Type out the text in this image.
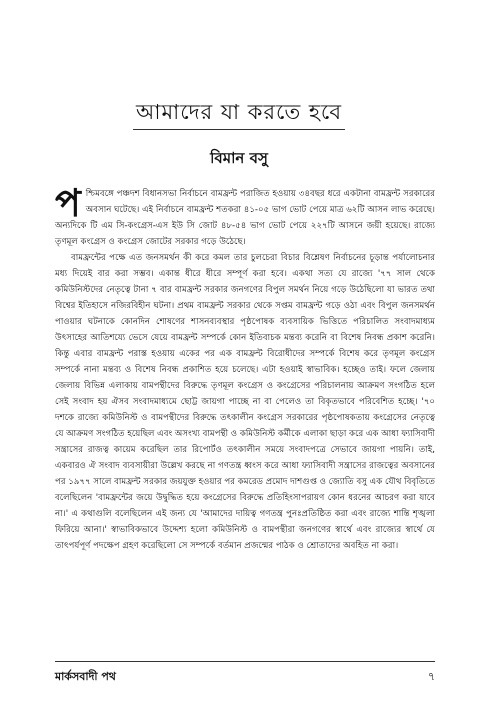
আমাদের যা করতে হবে
বিমান বসু

পশ্চিমবঙ্গে পঞ্চদশ বিধানসভা নির্বাচনে বামফ্রন্ট পরাজিত হওয়ায় ৩৪বছর ধরে একটানা বামফ্রন্ট সরকারের অবসান ঘটেছে। এই নির্বাচনে বামফ্রন্ট শতকরা ৪১-০৫ ভাগ ভোট পেয়ে মাত্র ৬২টি আসন লাভ করেছে। অন্যদিকে টি এম সি-কংগ্রেস-এস ইউ সি জোট ৪৮-৫৪ ভাগ ভোট পেয়ে ২২৭টি আসনে জয়ী হয়েছে। রাজ্যে তৃণমূল কংগ্রেস ও কংগ্রেস জোটের সরকার গড়ে উঠেছে।

বামফ্রন্টের পক্ষে এত জনসমর্থন কী করে কমল তার চুলচেরা বিচার বিশ্লেষণ নির্বাচনের চূড়ান্ত পর্যালোচনার মধ্য দিয়েই বার করা সম্ভব। একান্ত ধীরে ধীরে সম্পূর্ণ করা হবে। একথা সত্য যে রাজ্যে '৭৭ সাল থেকে কমিউনিস্টদের নেতৃত্বে টানা ৭ বার বামফ্রন্ট সরকার জনগণের বিপুল সমর্থন নিয়ে গড়ে উঠেছিলো যা ভারত তথা বিশ্বের ইতিহাসে নজিরবিহীন ঘটনা। প্রথম বামফ্রন্ট সরকার থেকে সপ্তম বামফ্রন্ট গড়ে ওঠা এবং বিপুল জনসমর্থন পাওয়ার ঘটনাকে কোনদিন শোষণের শাসনব্যবস্থার পৃষ্ঠপোষক ব্যবসায়িক ভিত্তিতে পরিচালিত সংবাদমাধ্যম উৎসাহের আতিশয্যে ভেসে যেয়ে বামফ্রন্ট সম্পর্কে কোন ইতিবাচক মন্তব্য করেনি বা বিশেষ নিবন্ধ প্রকাশ করেনি। কিন্তু এবার বামফ্রন্ট পরাস্ত হওয়ায় একের পর এক বামফ্রন্ট বিরোধীদের সম্পর্কে বিশেষ করে তৃণমূল কংগ্রেস সম্পর্কে নানা মন্তব্য ও বিশেষ নিবন্ধ প্রকাশিত হয়ে চলেছে। এটা হওয়াই স্বাভাবিক। হচ্ছেও তাই। ফলে জেলায় জেলায় বিভিন্ন এলাকায় বামপন্থীদের বিরুদ্ধে তৃণমূল কংগ্রেস ও কংগ্রেসের পরিচালনায় আক্রমণ সংগঠিত হলে সেই সংবাদ হয় ঐসব সংবাদমাধ্যমে ছোট্ট জায়গা পাচ্ছে না বা পেলেও তা বিকৃতভাবে পরিবেশিত হচ্ছে। '৭০ দশকে রাজ্যে কমিউনিস্ট ও বামপন্থীদের বিরুদ্ধে তৎকালীন কংগ্রেস সরকারের পৃষ্ঠপোষকতায় কংগ্রেসের নেতৃত্বে যে আক্রমণ সংগঠিত হয়েছিল এবং অসংখ্য বামপন্থী ও কমিউনিস্ট কর্মীকে এলাকা ছাড়া করে এক আধা ফ্যাসিবাদী সন্ত্রাসের রাজত্ব কায়েম করেছিল তার রিপোর্টও তৎকালীন সময়ে সংবাদপত্রে সেভাবে জায়গা পায়নি। তাই, একবারও ঐ সংবাদ ব্যবসায়ীরা উল্লেখ করছে না গণতন্ত্র ধ্বংস করে আধা ফ্যাসিবাদী সন্ত্রাসের রাজত্বের অবসানের পর ১৯৭৭ সালে বামফ্রন্ট সরকার জয়যুক্ত হওয়ার পর কমরেড প্রমোদ দাশগুপ্ত ও জ্যোতি বসু এক যৌথ বিবৃতিতে বলেছিলেন 'বামফ্রন্টের জয়ে উদ্বুদ্ধিত হয়ে কংগ্রেসের বিরুদ্ধে প্রতিহিংসাপরায়ণ কোন ধরনের আচরণ করা যাবে না।' এ কথাগুলি বলেছিলেন এই জন্য যে 'আমাদের দায়িত্ব গণতন্ত্র পুনঃপ্রতিষ্ঠিত করা এবং রাজ্যে শান্তি শৃঙ্খলা ফিরিয়ে আনা।' স্বাভাবিকভাবে উদ্দেশ্য হলো কমিউনিস্ট ও বামপন্থীরা জনগণের স্বার্থে এবং রাজ্যের স্বার্থে যে তাৎপর্যপূর্ণ পদক্ষেপ গ্রহণ করেছিলো সে সম্পর্কে বর্তমান প্রজন্মের পাঠক ও শ্রোতাদের অবহিত না করা।

মার্কসবাদী পথ	৭
